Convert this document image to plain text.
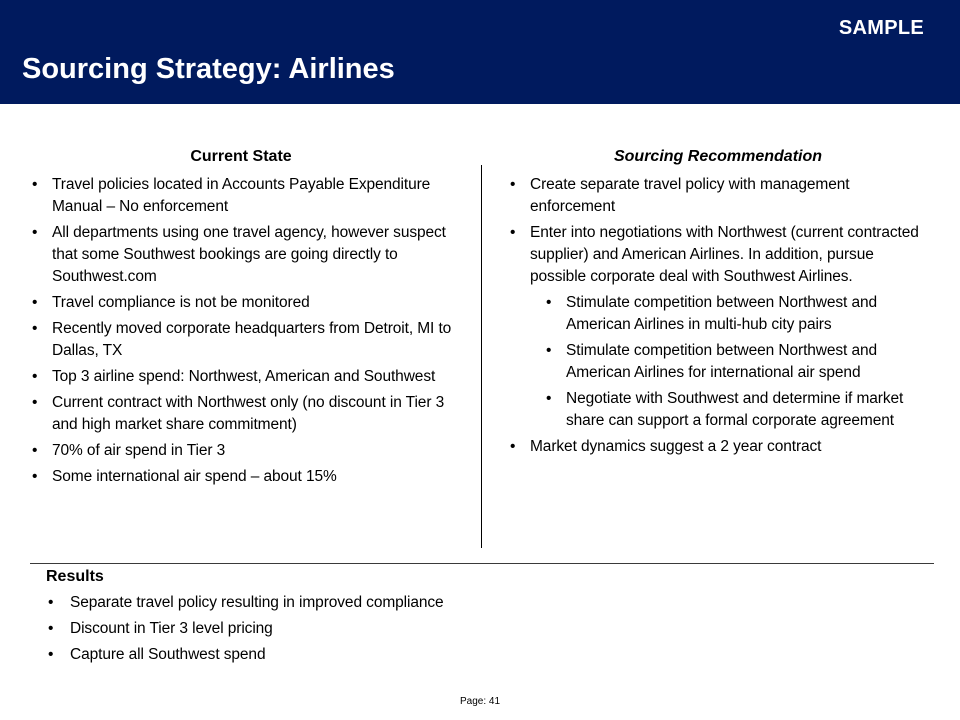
SAMPLE
Sourcing Strategy: Airlines
Current State
• Travel policies located in Accounts Payable Expenditure Manual – No enforcement
• All departments using one travel agency, however suspect that some Southwest bookings are going directly to Southwest.com
• Travel compliance is not be monitored
• Recently moved corporate headquarters from Detroit, MI to Dallas, TX
• Top 3 airline spend: Northwest, American and Southwest
• Current contract with Northwest only (no discount in Tier 3 and high market share commitment)
• 70% of air spend in Tier 3
• Some international air spend – about 15%
Sourcing Recommendation
• Create separate travel policy with management enforcement
• Enter into negotiations with Northwest (current contracted supplier) and American Airlines. In addition, pursue possible corporate deal with Southwest Airlines.
• Stimulate competition between Northwest and American Airlines in multi-hub city pairs
• Stimulate competition between Northwest and American Airlines for international air spend
• Negotiate with Southwest and determine if market share can support a formal corporate agreement
• Market dynamics suggest a 2 year contract
Results
• Separate travel policy resulting in improved compliance
• Discount in Tier 3 level pricing
• Capture all Southwest spend
Page: 41
